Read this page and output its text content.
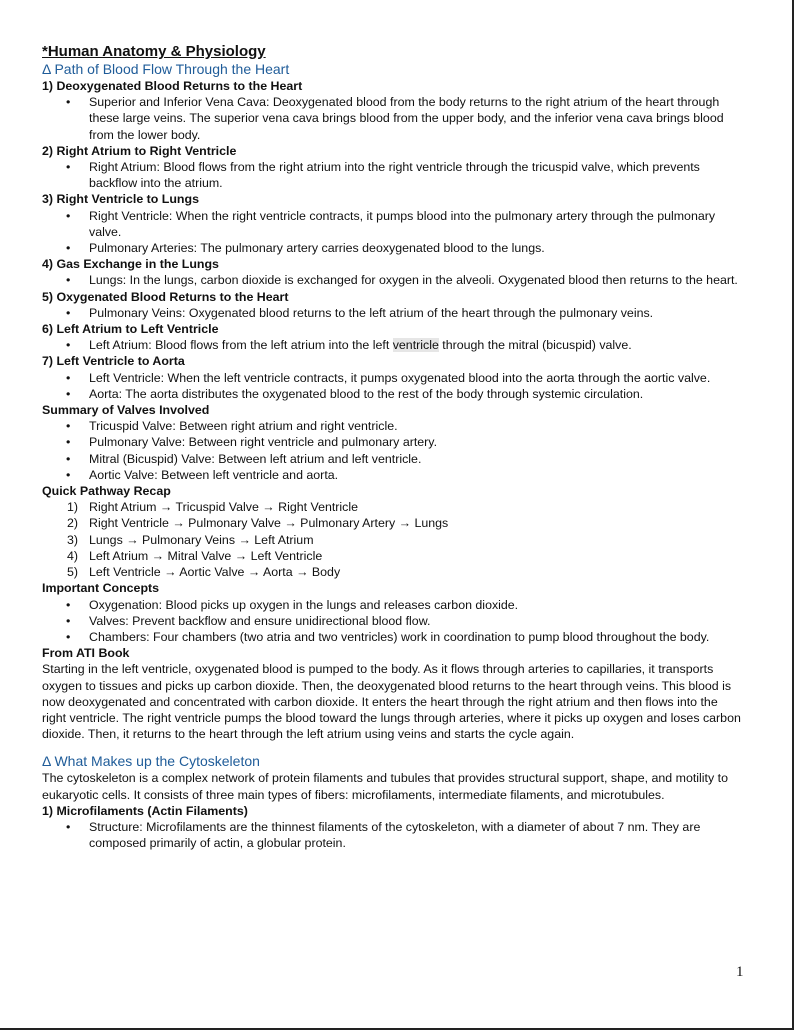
*Human Anatomy & Physiology

Δ Path of Blood Flow Through the Heart

1) Deoxygenated Blood Returns to the Heart

• Superior and Inferior Vena Cava: Deoxygenated blood from the body returns to the right atrium of the heart through these large veins. The superior vena cava brings blood from the upper body, and the inferior vena cava brings blood from the lower body.

2) Right Atrium to Right Ventricle

• Right Atrium: Blood flows from the right atrium into the right ventricle through the tricuspid valve, which prevents backflow into the atrium.

3) Right Ventricle to Lungs

• Right Ventricle: When the right ventricle contracts, it pumps blood into the pulmonary artery through the pulmonary valve.
• Pulmonary Arteries: The pulmonary artery carries deoxygenated blood to the lungs.

4) Gas Exchange in the Lungs

• Lungs: In the lungs, carbon dioxide is exchanged for oxygen in the alveoli. Oxygenated blood then returns to the heart.

5) Oxygenated Blood Returns to the Heart

• Pulmonary Veins: Oxygenated blood returns to the left atrium of the heart through the pulmonary veins.

6) Left Atrium to Left Ventricle

• Left Atrium: Blood flows from the left atrium into the left ventricle through the mitral (bicuspid) valve.

7) Left Ventricle to Aorta

• Left Ventricle: When the left ventricle contracts, it pumps oxygenated blood into the aorta through the aortic valve.
• Aorta: The aorta distributes the oxygenated blood to the rest of the body through systemic circulation.

Summary of Valves Involved

• Tricuspid Valve: Between right atrium and right ventricle.
• Pulmonary Valve: Between right ventricle and pulmonary artery.
• Mitral (Bicuspid) Valve: Between left atrium and left ventricle.
• Aortic Valve: Between left ventricle and aorta.

Quick Pathway Recap

1) Right Atrium → Tricuspid Valve → Right Ventricle
2) Right Ventricle → Pulmonary Valve → Pulmonary Artery → Lungs
3) Lungs → Pulmonary Veins → Left Atrium
4) Left Atrium → Mitral Valve → Left Ventricle
5) Left Ventricle → Aortic Valve → Aorta → Body

Important Concepts

• Oxygenation: Blood picks up oxygen in the lungs and releases carbon dioxide.
• Valves: Prevent backflow and ensure unidirectional blood flow.
• Chambers: Four chambers (two atria and two ventricles) work in coordination to pump blood throughout the body.

From ATI Book

Starting in the left ventricle, oxygenated blood is pumped to the body. As it flows through arteries to capillaries, it transports oxygen to tissues and picks up carbon dioxide. Then, the deoxygenated blood returns to the heart through veins. This blood is now deoxygenated and concentrated with carbon dioxide. It enters the heart through the right atrium and then flows into the right ventricle. The right ventricle pumps the blood toward the lungs through arteries, where it picks up oxygen and loses carbon dioxide. Then, it returns to the heart through the left atrium using veins and starts the cycle again.

Δ What Makes up the Cytoskeleton

The cytoskeleton is a complex network of protein filaments and tubules that provides structural support, shape, and motility to eukaryotic cells. It consists of three main types of fibers: microfilaments, intermediate filaments, and microtubules.

1) Microfilaments (Actin Filaments)

• Structure: Microfilaments are the thinnest filaments of the cytoskeleton, with a diameter of about 7 nm. They are composed primarily of actin, a globular protein.
1
